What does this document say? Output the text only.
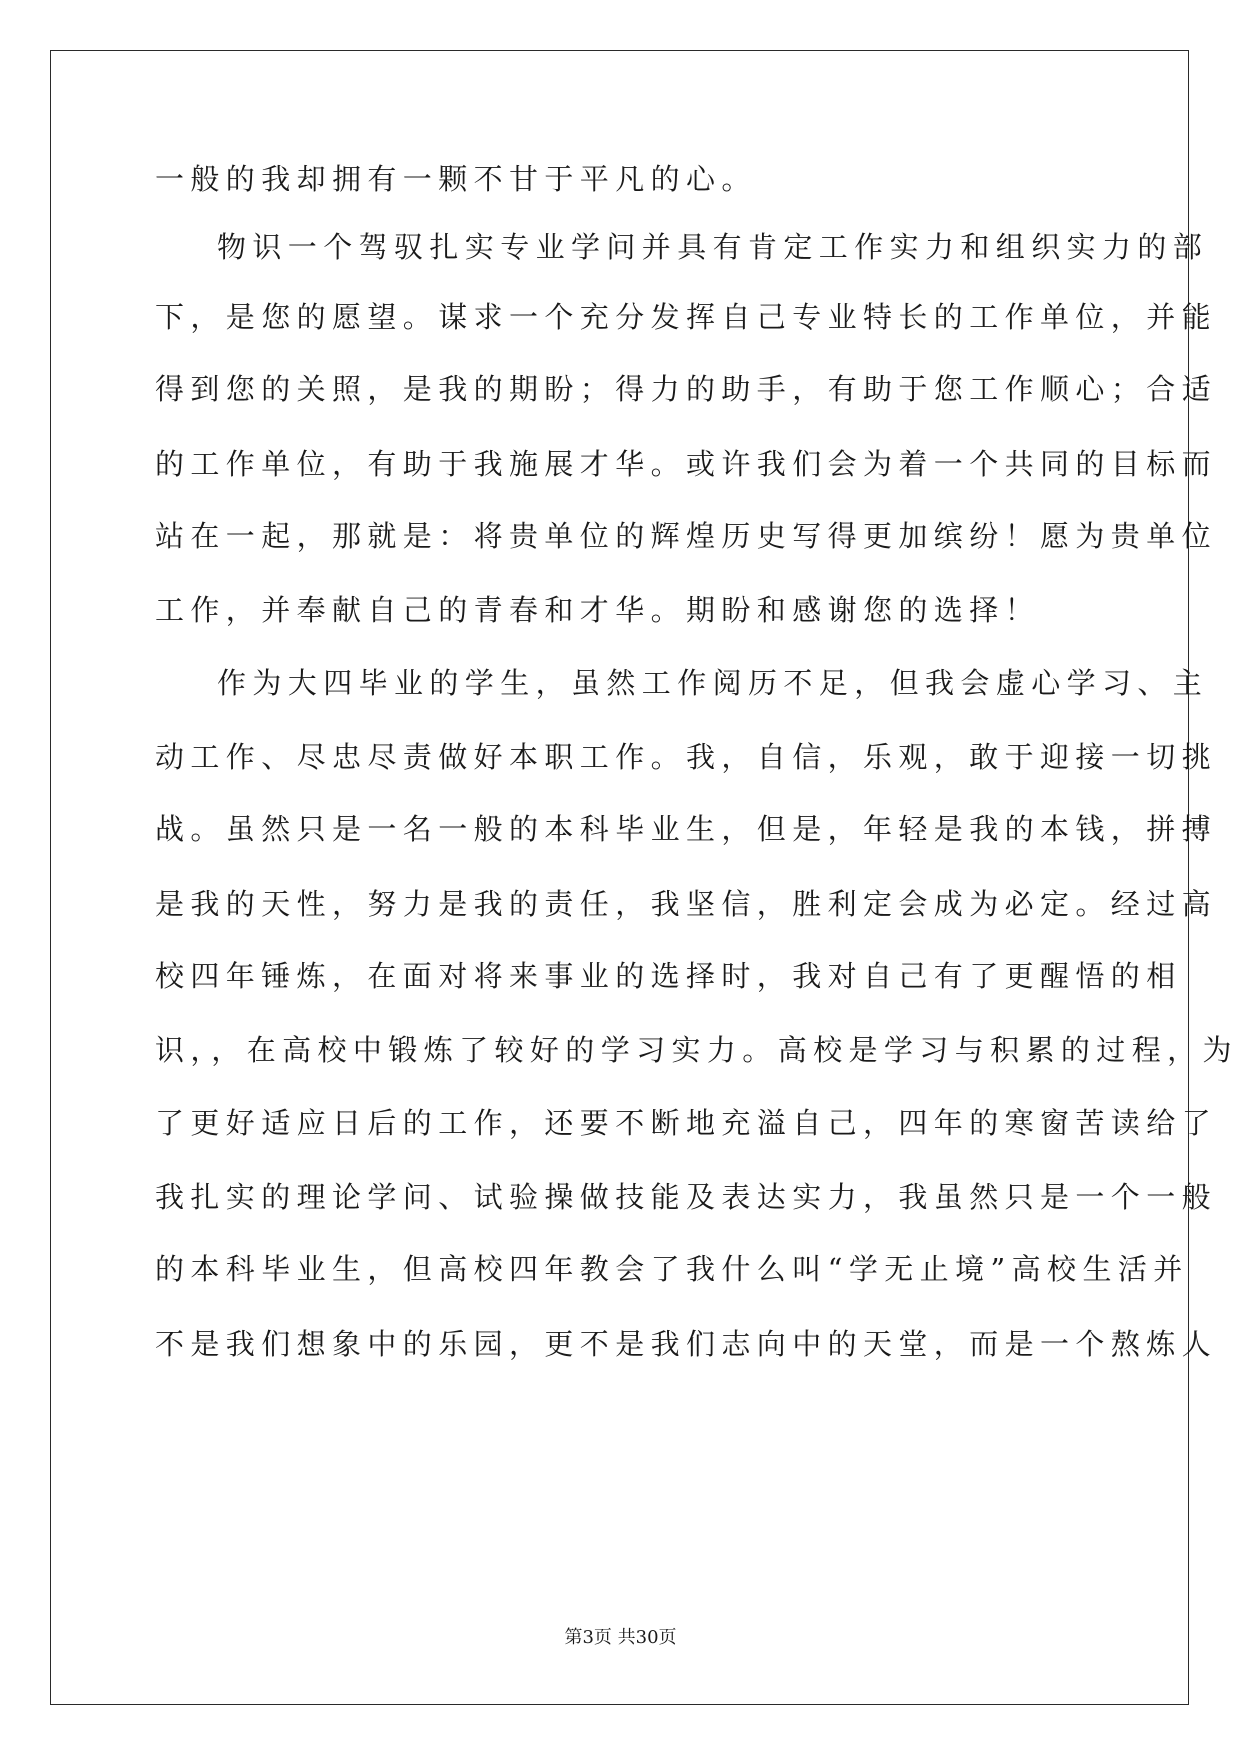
一般的我却拥有一颗不甘于平凡的心。
物识一个驾驭扎实专业学问并具有肯定工作实力和组织实力的部
下，是您的愿望。谋求一个充分发挥自己专业特长的工作单位，并能
得到您的关照，是我的期盼；得力的助手，有助于您工作顺心；合适
的工作单位，有助于我施展才华。或许我们会为着一个共同的目标而
站在一起，那就是：将贵单位的辉煌历史写得更加缤纷！愿为贵单位
工作，并奉献自己的青春和才华。期盼和感谢您的选择！
作为大四毕业的学生，虽然工作阅历不足，但我会虚心学习、主
动工作、尽忠尽责做好本职工作。我，自信，乐观，敢于迎接一切挑
战。虽然只是一名一般的本科毕业生，但是，年轻是我的本钱，拼搏
是我的天性，努力是我的责任，我坚信，胜利定会成为必定。经过高
校四年锤炼，在面对将来事业的选择时，我对自己有了更醒悟的相
识，，在高校中锻炼了较好的学习实力。高校是学习与积累的过程，为
了更好适应日后的工作，还要不断地充溢自己，四年的寒窗苦读给了
我扎实的理论学问、试验操做技能及表达实力，我虽然只是一个一般
的本科毕业生，但高校四年教会了我什么叫“学无止境”高校生活并
不是我们想象中的乐园，更不是我们志向中的天堂，而是一个熬炼人
第3页 共30页
